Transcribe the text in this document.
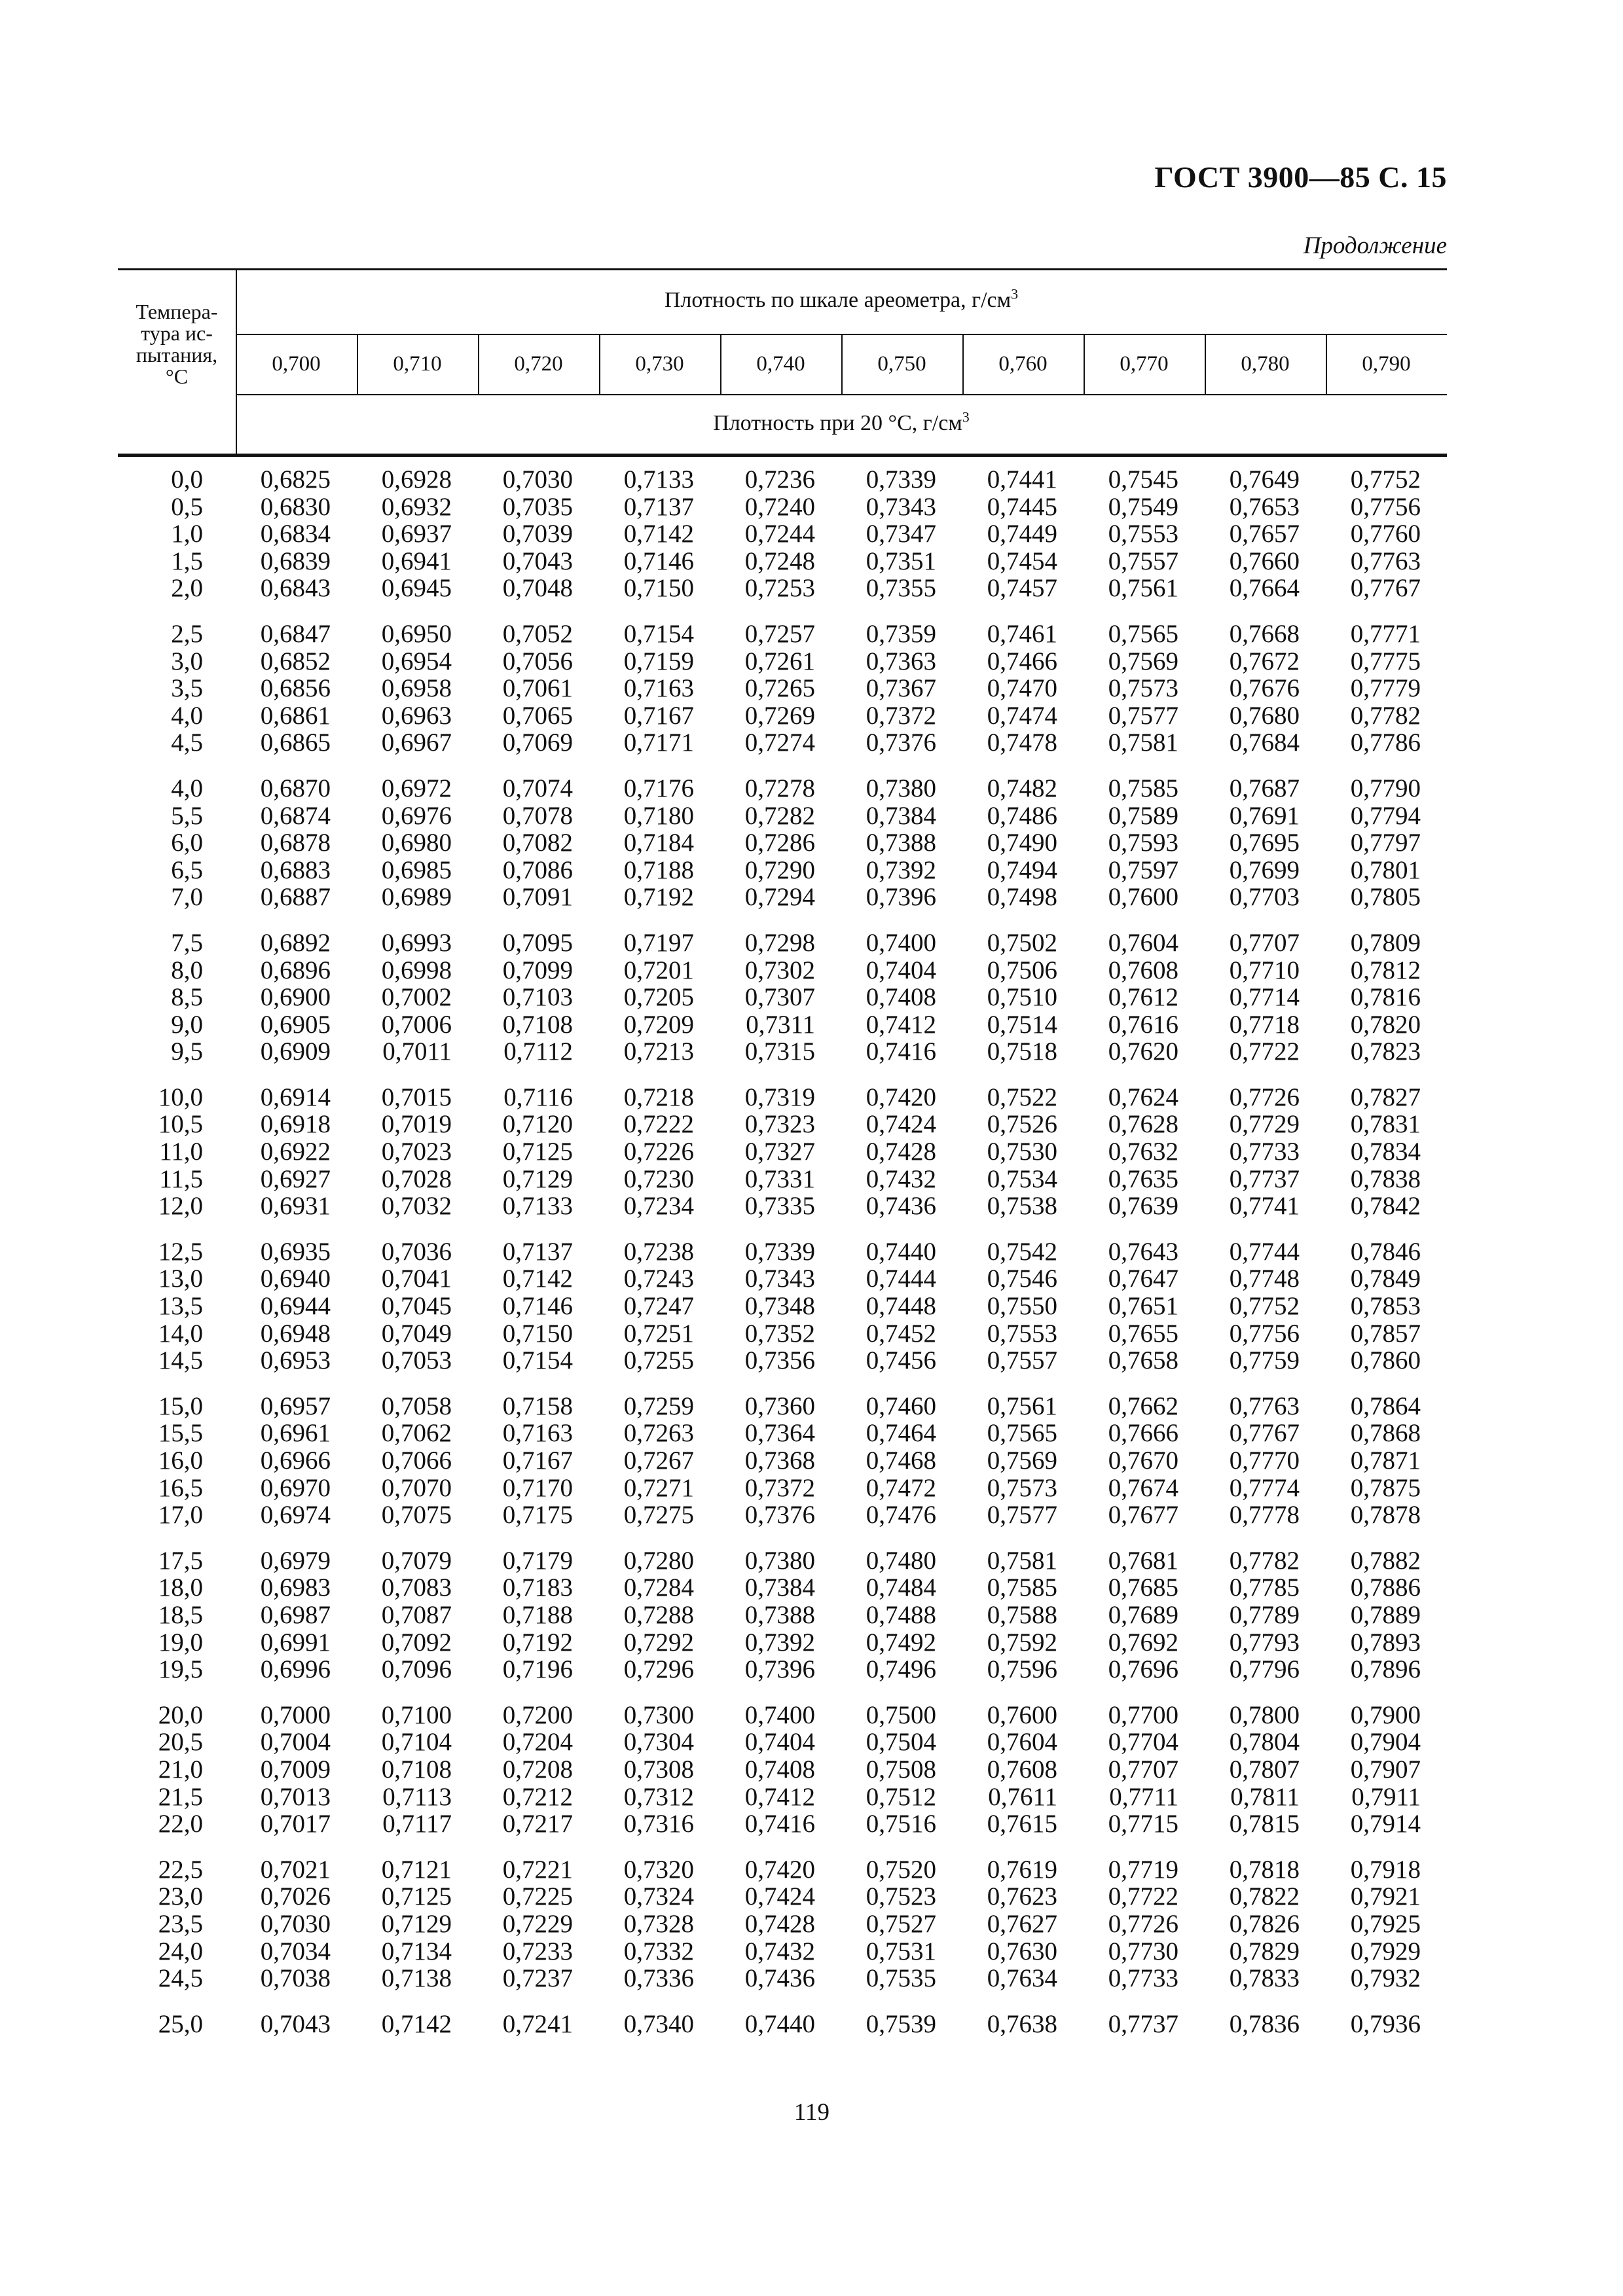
ГОСТ 3900—85 С. 15
Продолжение
Темпера-
тура ис-
пытания,
°С
Плотность по шкале ареометра, $г/см^3$
Плотность при 20 °С, $г/см^3$
0,700	0,710	0,720	0,730	0,740	0,750	0,760	0,770	0,780	0,790
0,0	0,6825	0,6928	0,7030	0,7133	0,7236	0,7339	0,7441	0,7545	0,7649	0,7752
0,5	0,6830	0,6932	0,7035	0,7137	0,7240	0,7343	0,7445	0,7549	0,7653	0,7756
1,0	0,6834	0,6937	0,7039	0,7142	0,7244	0,7347	0,7449	0,7553	0,7657	0,7760
1,5	0,6839	0,6941	0,7043	0,7146	0,7248	0,7351	0,7454	0,7557	0,7660	0,7763
2,0	0,6843	0,6945	0,7048	0,7150	0,7253	0,7355	0,7457	0,7561	0,7664	0,7767
2,5	0,6847	0,6950	0,7052	0,7154	0,7257	0,7359	0,7461	0,7565	0,7668	0,7771
3,0	0,6852	0,6954	0,7056	0,7159	0,7261	0,7363	0,7466	0,7569	0,7672	0,7775
3,5	0,6856	0,6958	0,7061	0,7163	0,7265	0,7367	0,7470	0,7573	0,7676	0,7779
4,0	0,6861	0,6963	0,7065	0,7167	0,7269	0,7372	0,7474	0,7577	0,7680	0,7782
4,5	0,6865	0,6967	0,7069	0,7171	0,7274	0,7376	0,7478	0,7581	0,7684	0,7786
4,0	0,6870	0,6972	0,7074	0,7176	0,7278	0,7380	0,7482	0,7585	0,7687	0,7790
5,5	0,6874	0,6976	0,7078	0,7180	0,7282	0,7384	0,7486	0,7589	0,7691	0,7794
6,0	0,6878	0,6980	0,7082	0,7184	0,7286	0,7388	0,7490	0,7593	0,7695	0,7797
6,5	0,6883	0,6985	0,7086	0,7188	0,7290	0,7392	0,7494	0,7597	0,7699	0,7801
7,0	0,6887	0,6989	0,7091	0,7192	0,7294	0,7396	0,7498	0,7600	0,7703	0,7805
7,5	0,6892	0,6993	0,7095	0,7197	0,7298	0,7400	0,7502	0,7604	0,7707	0,7809
8,0	0,6896	0,6998	0,7099	0,7201	0,7302	0,7404	0,7506	0,7608	0,7710	0,7812
8,5	0,6900	0,7002	0,7103	0,7205	0,7307	0,7408	0,7510	0,7612	0,7714	0,7816
9,0	0,6905	0,7006	0,7108	0,7209	0,7311	0,7412	0,7514	0,7616	0,7718	0,7820
9,5	0,6909	0,7011	0,7112	0,7213	0,7315	0,7416	0,7518	0,7620	0,7722	0,7823
10,0	0,6914	0,7015	0,7116	0,7218	0,7319	0,7420	0,7522	0,7624	0,7726	0,7827
10,5	0,6918	0,7019	0,7120	0,7222	0,7323	0,7424	0,7526	0,7628	0,7729	0,7831
11,0	0,6922	0,7023	0,7125	0,7226	0,7327	0,7428	0,7530	0,7632	0,7733	0,7834
11,5	0,6927	0,7028	0,7129	0,7230	0,7331	0,7432	0,7534	0,7635	0,7737	0,7838
12,0	0,6931	0,7032	0,7133	0,7234	0,7335	0,7436	0,7538	0,7639	0,7741	0,7842
12,5	0,6935	0,7036	0,7137	0,7238	0,7339	0,7440	0,7542	0,7643	0,7744	0,7846
13,0	0,6940	0,7041	0,7142	0,7243	0,7343	0,7444	0,7546	0,7647	0,7748	0,7849
13,5	0,6944	0,7045	0,7146	0,7247	0,7348	0,7448	0,7550	0,7651	0,7752	0,7853
14,0	0,6948	0,7049	0,7150	0,7251	0,7352	0,7452	0,7553	0,7655	0,7756	0,7857
14,5	0,6953	0,7053	0,7154	0,7255	0,7356	0,7456	0,7557	0,7658	0,7759	0,7860
15,0	0,6957	0,7058	0,7158	0,7259	0,7360	0,7460	0,7561	0,7662	0,7763	0,7864
15,5	0,6961	0,7062	0,7163	0,7263	0,7364	0,7464	0,7565	0,7666	0,7767	0,7868
16,0	0,6966	0,7066	0,7167	0,7267	0,7368	0,7468	0,7569	0,7670	0,7770	0,7871
16,5	0,6970	0,7070	0,7170	0,7271	0,7372	0,7472	0,7573	0,7674	0,7774	0,7875
17,0	0,6974	0,7075	0,7175	0,7275	0,7376	0,7476	0,7577	0,7677	0,7778	0,7878
17,5	0,6979	0,7079	0,7179	0,7280	0,7380	0,7480	0,7581	0,7681	0,7782	0,7882
18,0	0,6983	0,7083	0,7183	0,7284	0,7384	0,7484	0,7585	0,7685	0,7785	0,7886
18,5	0,6987	0,7087	0,7188	0,7288	0,7388	0,7488	0,7588	0,7689	0,7789	0,7889
19,0	0,6991	0,7092	0,7192	0,7292	0,7392	0,7492	0,7592	0,7692	0,7793	0,7893
19,5	0,6996	0,7096	0,7196	0,7296	0,7396	0,7496	0,7596	0,7696	0,7796	0,7896
20,0	0,7000	0,7100	0,7200	0,7300	0,7400	0,7500	0,7600	0,7700	0,7800	0,7900
20,5	0,7004	0,7104	0,7204	0,7304	0,7404	0,7504	0,7604	0,7704	0,7804	0,7904
21,0	0,7009	0,7108	0,7208	0,7308	0,7408	0,7508	0,7608	0,7707	0,7807	0,7907
21,5	0,7013	0,7113	0,7212	0,7312	0,7412	0,7512	0,7611	0,7711	0,7811	0,7911
22,0	0,7017	0,7117	0,7217	0,7316	0,7416	0,7516	0,7615	0,7715	0,7815	0,7914
22,5	0,7021	0,7121	0,7221	0,7320	0,7420	0,7520	0,7619	0,7719	0,7818	0,7918
23,0	0,7026	0,7125	0,7225	0,7324	0,7424	0,7523	0,7623	0,7722	0,7822	0,7921
23,5	0,7030	0,7129	0,7229	0,7328	0,7428	0,7527	0,7627	0,7726	0,7826	0,7925
24,0	0,7034	0,7134	0,7233	0,7332	0,7432	0,7531	0,7630	0,7730	0,7829	0,7929
24,5	0,7038	0,7138	0,7237	0,7336	0,7436	0,7535	0,7634	0,7733	0,7833	0,7932
25,0	0,7043	0,7142	0,7241	0,7340	0,7440	0,7539	0,7638	0,7737	0,7836	0,7936
119
